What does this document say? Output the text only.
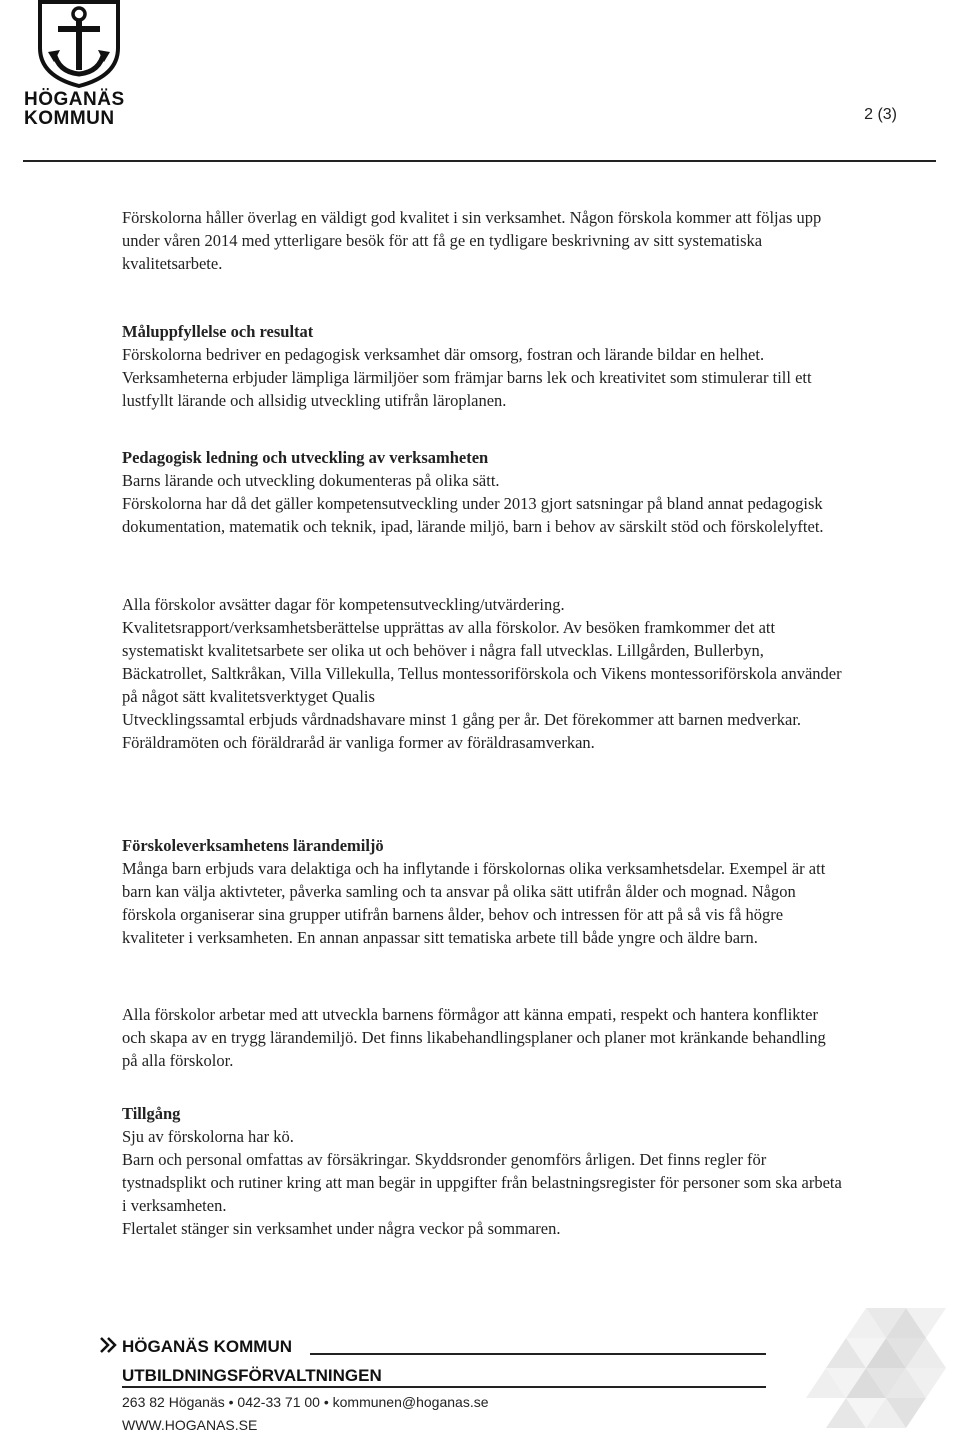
HÖGANÄS
KOMMUN	2 (3)

Förskolorna håller överlag en väldigt god kvalitet i sin verksamhet. Någon förskola kommer att följas upp under våren 2014 med ytterligare besök för att få ge en tydligare beskrivning av sitt systematiska kvalitetsarbete.

Måluppfyllelse och resultat

Förskolorna bedriver en pedagogisk verksamhet där omsorg, fostran och lärande bildar en helhet. Verksamheterna erbjuder lämpliga lärmiljöer som främjar barns lek och kreativitet som stimulerar till ett lustfyllt lärande och allsidig utveckling utifrån läroplanen.

Pedagogisk ledning och utveckling av verksamheten

Barns lärande och utveckling dokumenteras på olika sätt.

Förskolorna har då det gäller kompetensutveckling under 2013 gjort satsningar på bland annat pedagogisk dokumentation, matematik och teknik, ipad, lärande miljö, barn i behov av särskilt stöd och förskolelyftet.

Alla förskolor avsätter dagar för kompetensutveckling/utvärdering.

Kvalitetsrapport/verksamhetsberättelse upprättas av alla förskolor. Av besöken framkommer det att systematiskt kvalitetsarbete ser olika ut och behöver i några fall utvecklas. Lillgården, Bullerbyn, Bäckatrollet, Saltkråkan, Villa Villekulla, Tellus montessoriförskola och Vikens montessoriförskola använder på något sätt kvalitetsverktyget Qualis

Utvecklingssamtal erbjuds vårdnadshavare minst 1 gång per år. Det förekommer att barnen medverkar.

Föräldramöten och föräldraråd är vanliga former av föräldrasamverkan.

Förskoleverksamhetens lärandemiljö

Många barn erbjuds vara delaktiga och ha inflytande i förskolornas olika verksamhetsdelar. Exempel är att barn kan välja aktivteter, påverka samling och ta ansvar på olika sätt utifrån ålder och mognad. Någon förskola organiserar sina grupper utifrån barnens ålder, behov och intressen för att på så vis få högre kvaliteter i verksamheten. En annan anpassar sitt tematiska arbete till både yngre och äldre barn.

Alla förskolor arbetar med att utveckla barnens förmågor att känna empati, respekt och hantera konflikter och skapa av en trygg lärandemiljö. Det finns likabehandlingsplaner och planer mot kränkande behandling på alla förskolor.

Tillgång

Sju av förskolorna har kö.

Barn och personal omfattas av försäkringar. Skyddsronder genomförs årligen. Det finns regler för tystnadsplikt och rutiner kring att man begär in uppgifter från belastningsregister för personer som ska arbeta i verksamheten.

Flertalet stänger sin verksamhet under några veckor på sommaren.

HÖGANÄS KOMMUN
UTBILDNINGSFÖRVALTNINGEN
263 82 Höganäs • 042-33 71 00 • kommunen@hoganas.se
WWW.HOGANAS.SE
